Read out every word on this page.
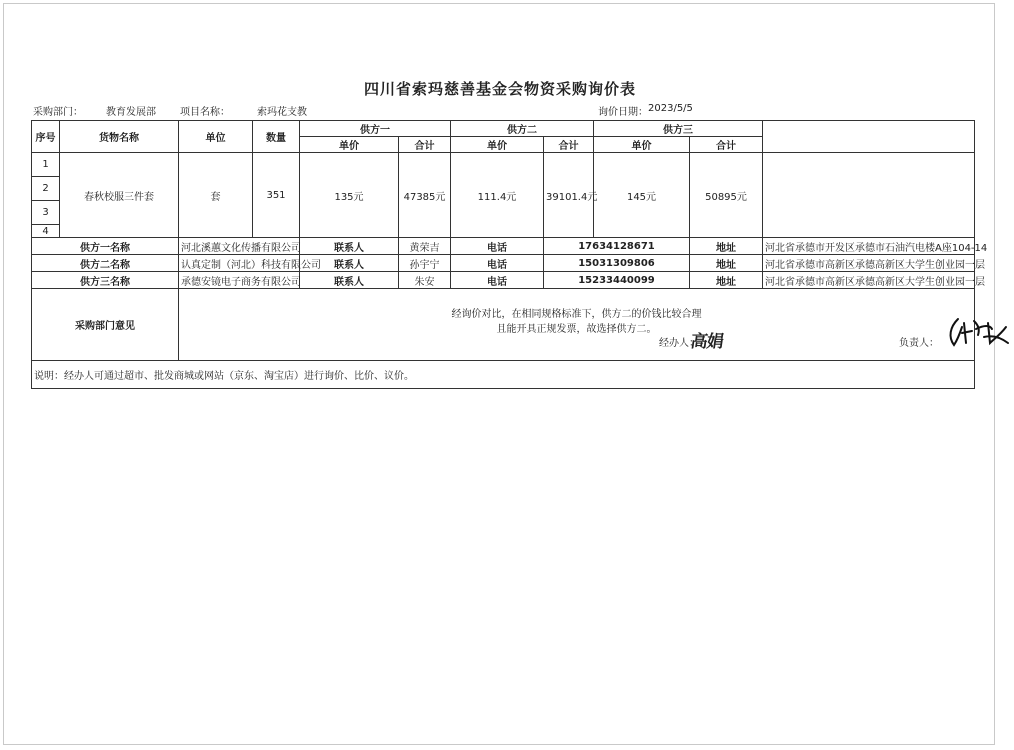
四川省索玛慈善基金会物资采购询价表
采购部门： 教育发展部 项目名称：	索玛花支教	询价日期： 2023/5/5
序号	货物名称	单位	数量	供方一		供方二		供方三		
				单价	合计	单价	合计	单价	合计	
1	春秋校服三件套	套	351	135元	47385元	111.4元	39101.4元	145元	50895元	
2										
3										
4										
供方一名称		河北溪蕙文化传播有限公司		联系人	黄荣吉	电话	17634128671		地址	河北省承德市开发区承德市石油汽电楼A座104-14
供方二名称		认真定制（河北）科技有限公司		联系人	孙宇宁	电话	15031309806		地址	河北省承德市高新区承德高新区大学生创业园一层
供方三名称		承德安镜电子商务有限公司		联系人	朱安	电话	15233440099		地址	河北省承德市高新区承德高新区大学生创业园一层
采购部门意见		经询价对比，在相同规格标准下，供方二的价钱比较合理
且能开具正规发票，故选择供方二。
经办人：
高娟 负责人：								

说明：经办人可通过超市、批发商城或网站（京东、淘宝店）进行询价、比价、议价。										
